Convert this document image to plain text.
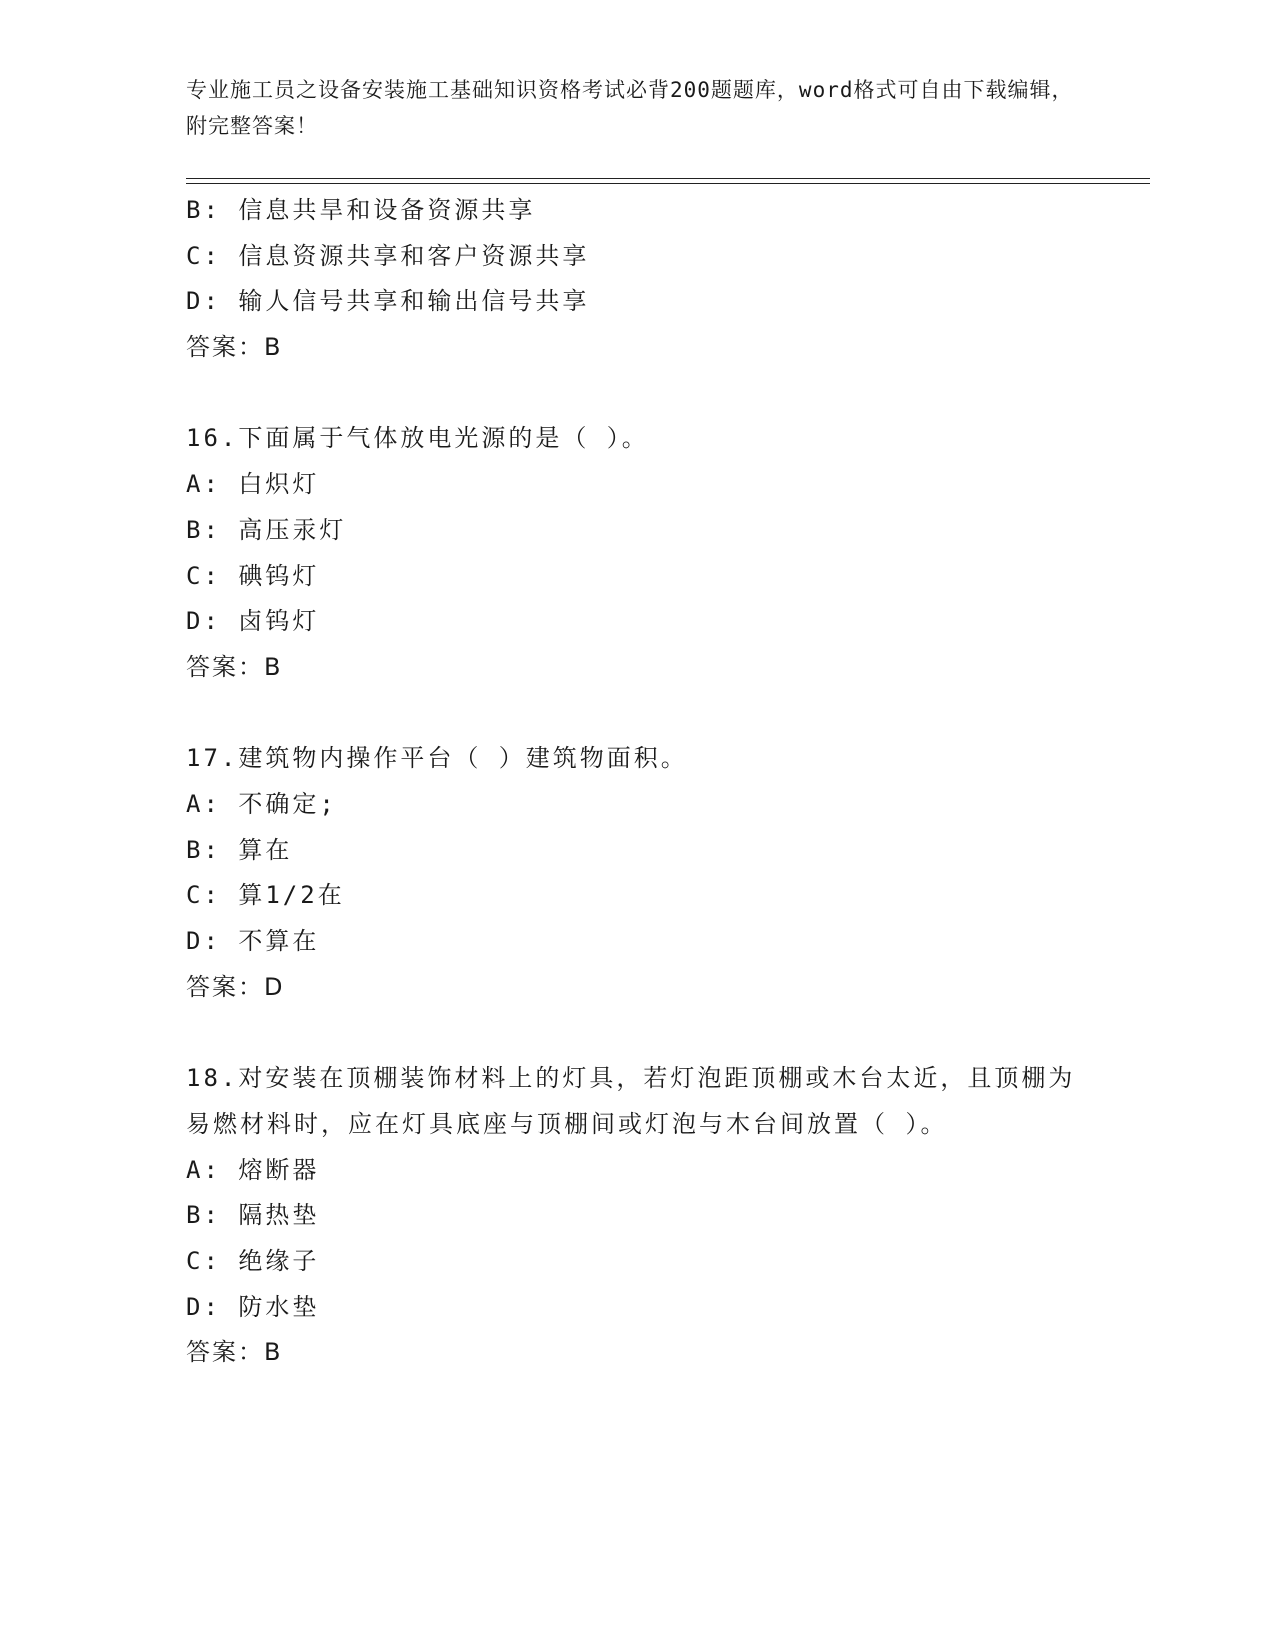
专业施工员之设备安装施工基础知识资格考试必背200题题库，word格式可自由下载编辑，附完整答案！
B: 信息共旱和设备资源共享
C: 信息资源共享和客户资源共享
D: 输人信号共享和输出信号共享
答案：B
16.下面属于气体放电光源的是（ ）。
A: 白炽灯
B: 高压汞灯
C: 碘钨灯
D: 卤钨灯
答案：B
17.建筑物内操作平台（ ）建筑物面积。
A: 不确定;
B: 算在
C: 算1/2在
D: 不算在
答案：D
18.对安装在顶棚装饰材料上的灯具，若灯泡距顶棚或木台太近，且顶棚为易燃材料时，应在灯具底座与顶棚间或灯泡与木台间放置（ ）。
A: 熔断器
B: 隔热垫
C: 绝缘子
D: 防水垫
答案：B
